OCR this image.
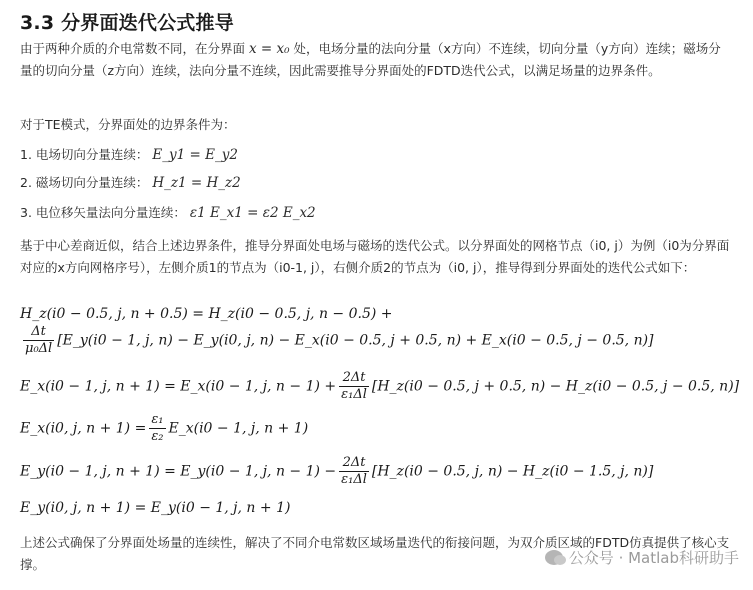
3.3 分界面迭代公式推导
由于两种介质的介电常数不同，在分界面 x = x₀ 处，电场分量的法向分量（x方向）不连续，切向分量（y方向）连续；磁场分量的切向分量（z方向）连续，法向分量不连续，因此需要推导分界面处的FDTD迭代公式，以满足场量的边界条件。
对于TE模式，分界面处的边界条件为：
1. 电场切向分量连续： E_y1 = E_y2
2. 磁场切向分量连续： H_z1 = H_z2
3. 电位移矢量法向分量连续： ε1 E_x1 = ε2 E_x2
基于中心差商近似，结合上述边界条件，推导分界面处电场与磁场的迭代公式。以分界面处的网格节点（i0, j）为例（i0为分界面对应的x方向网格序号），左侧介质1的节点为（i0-1, j），右侧介质2的节点为（i0, j），推导得到分界面处的迭代公式如下：
H_z(i0 − 0.5, j, n + 0.5) = H_z(i0 − 0.5, j, n − 0.5) +
$\frac{\Delta t}{\text{μ₀Δl}}$ [E_y(i0 − 1, j, n) − E_y(i0, j, n) − E_x(i0 − 0.5, j + 0.5, n) + E_x(i0 − 0.5, j − 0.5, n)]
E_x(i0 − 1, j, n + 1) = E_x(i0 − 1, j, $n - 1) + \frac{2\Delta t}{\text{ε₁Δl}}$ [H_z(i0 − 0.5, j + 0.5, n) − H_z(i0 − 0.5, j − 0.5, n)]
E_x(i0, j, $n + 1) = \frac{\text{ε₁}}{\text{ε₂}}$ E_x(i0 − 1, j, n + 1)
E_y(i0 − 1, j, n + 1) = E_y(i0 − 1, j, $n - 1) - \frac{2\Delta t}{\text{ε₁Δl}}$ [H_z(i0 − 0.5, j, n) − H_z(i0 − 1.5, j, n)]
E_y(i0, j, n + 1) = E_y(i0 − 1, j, n + 1)
上述公式确保了分界面处场量的连续性，解决了不同介电常数区域场量迭代的衔接问题，为双介质区域的FDTD仿真提供了核心支撑。	公众号 · Matlab科研助手
